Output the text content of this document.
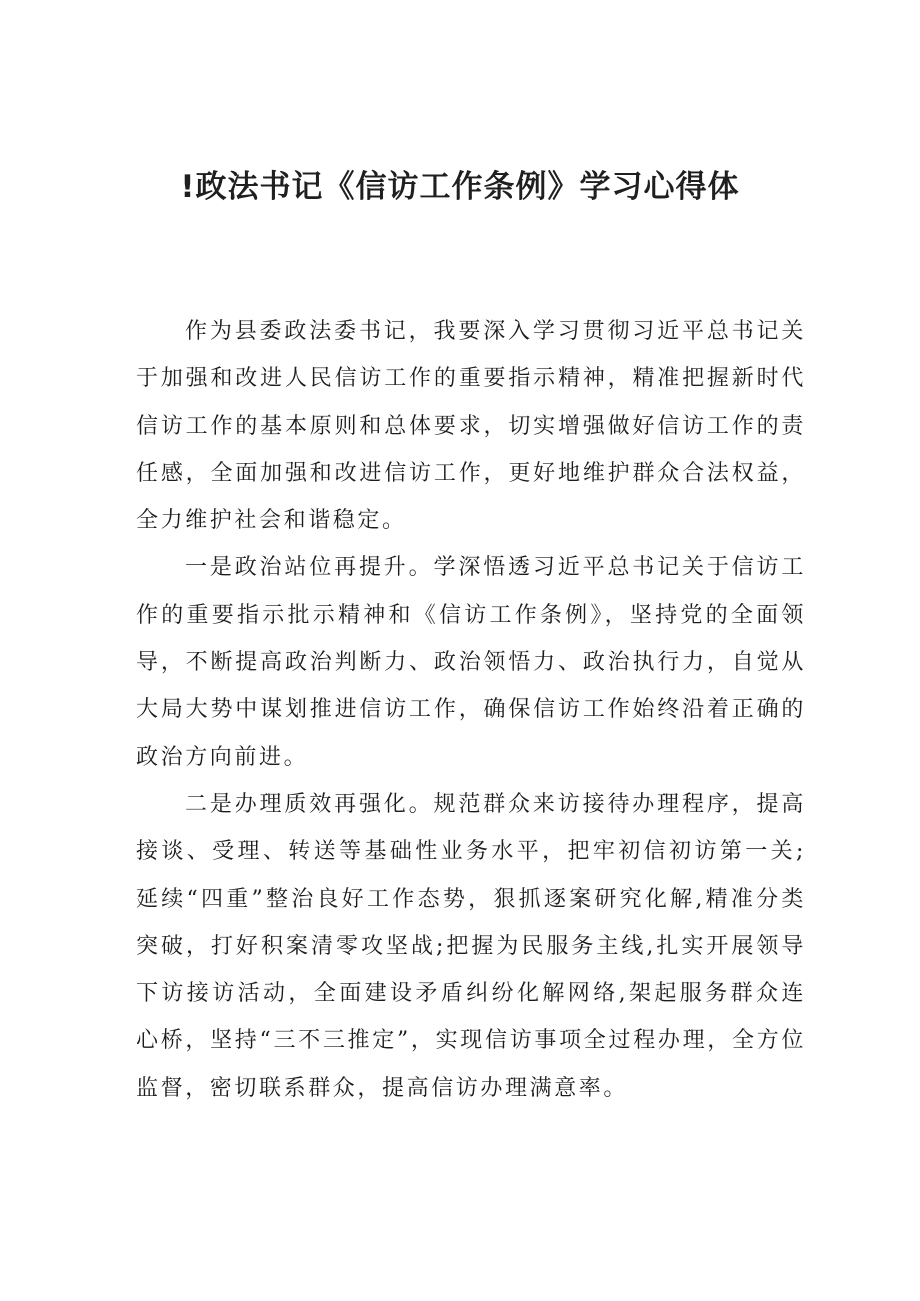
!政法书记《信访工作条例》学习心得体

作为县委政法委书记，我要深入学习贯彻习近平总书记关于加强和改进人民信访工作的重要指示精神，精准把握新时代信访工作的基本原则和总体要求，切实增强做好信访工作的责任感，全面加强和改进信访工作，更好地维护群众合法权益，全力维护社会和谐稳定。

一是政治站位再提升。学深悟透习近平总书记关于信访工作的重要指示批示精神和《信访工作条例》，坚持党的全面领导，不断提高政治判断力、政治领悟力、政治执行力，自觉从大局大势中谋划推进信访工作，确保信访工作始终沿着正确的政治方向前进。

二是办理质效再强化。规范群众来访接待办理程序，提高接谈、受理、转送等基础性业务水平，把牢初信初访第一关;延续“四重”整治良好工作态势，狠抓逐案研究化解,精准分类突破，打好积案清零攻坚战;把握为民服务主线,扎实开展领导下访接访活动，全面建设矛盾纠纷化解网络,架起服务群众连心桥，坚持“三不三推定”，实现信访事项全过程办理，全方位监督，密切联系群众，提高信访办理满意率。
